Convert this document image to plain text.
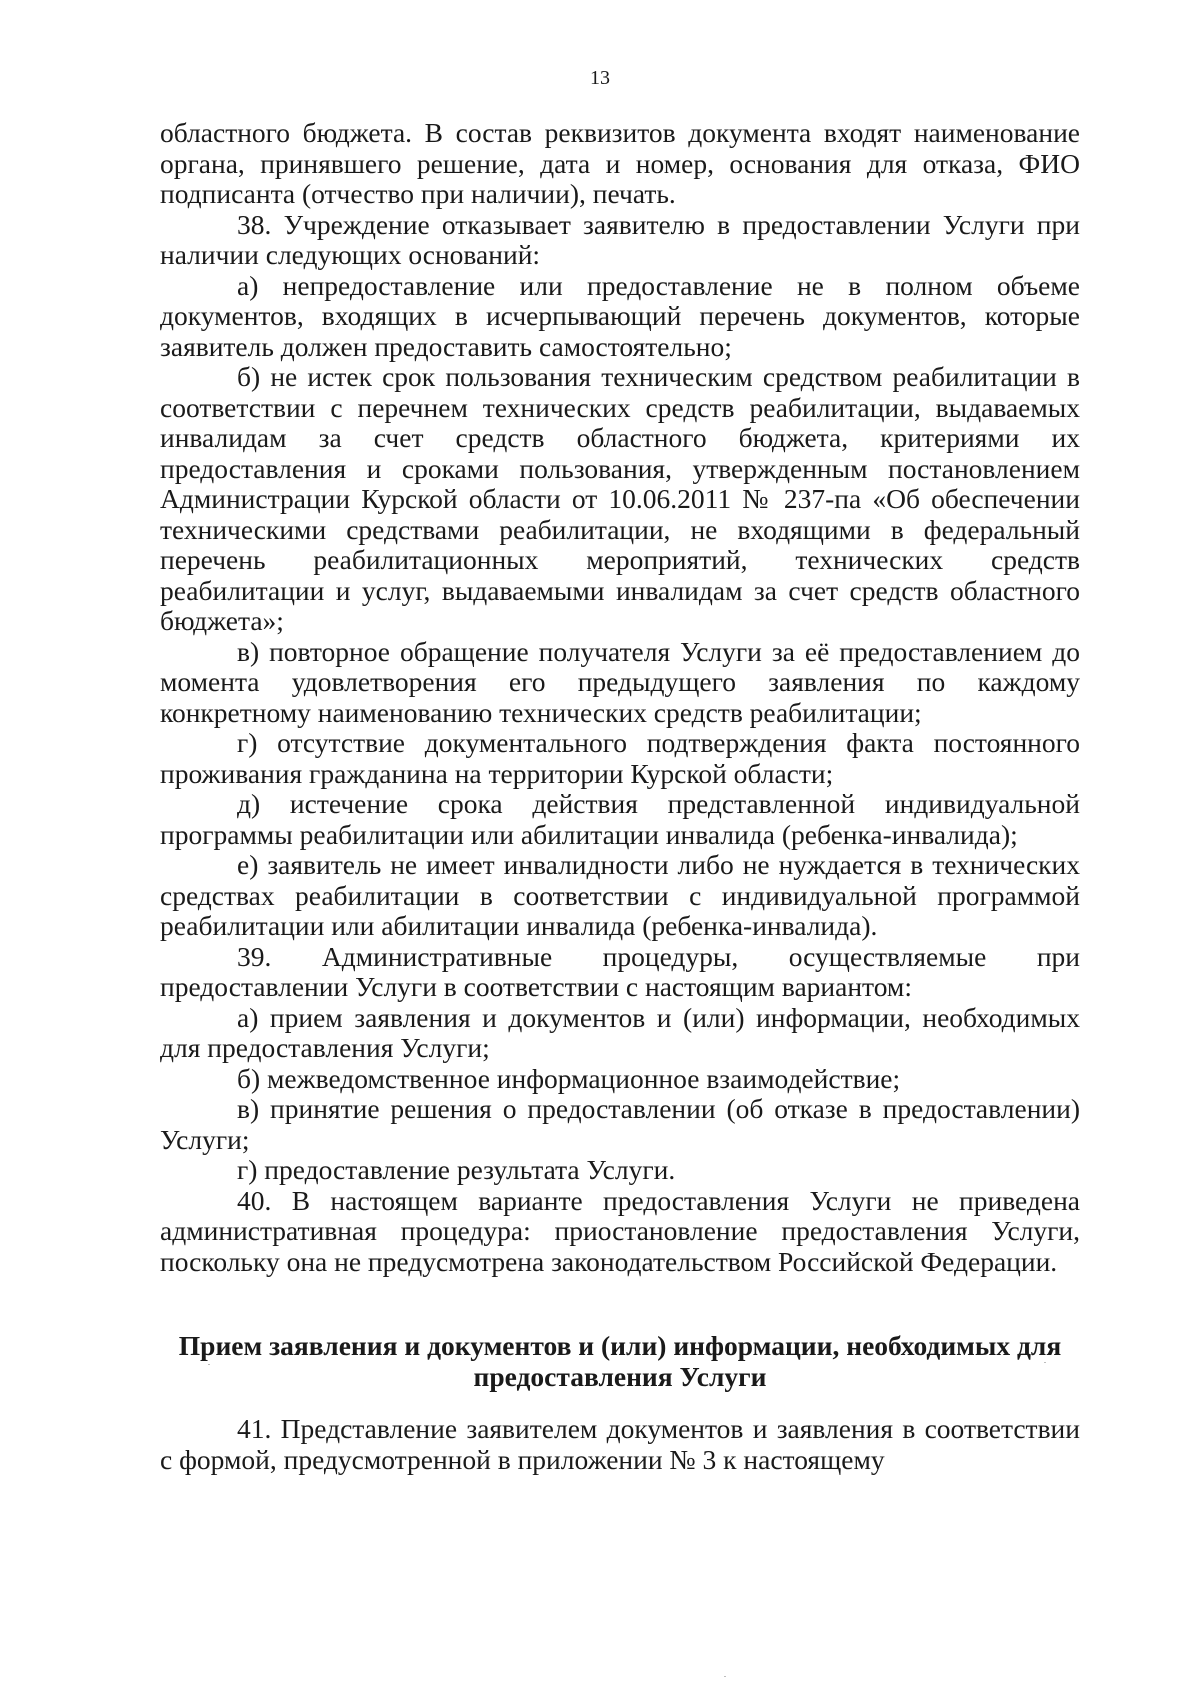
13

областного бюджета. В состав реквизитов документа входят наименование органа, принявшего решение, дата и номер, основания для отказа, ФИО подписанта (отчество при наличии), печать.

38. Учреждение отказывает заявителю в предоставлении Услуги при наличии следующих оснований:

а) непредоставление или предоставление не в полном объеме документов, входящих в исчерпывающий перечень документов, которые заявитель должен предоставить самостоятельно;

б) не истек срок пользования техническим средством реабилитации в соответствии с перечнем технических средств реабилитации, выдаваемых инвалидам за счет средств областного бюджета, критериями их предоставления и сроками пользования, утвержденным постановлением Администрации Курской области от 10.06.2011 № 237-па «Об обеспечении техническими средствами реабилитации, не входящими в федеральный перечень реабилитационных мероприятий, технических средств реабилитации и услуг, выдаваемыми инвалидам за счет средств областного бюджета»;

в) повторное обращение получателя Услуги за её предоставлением до момента удовлетворения его предыдущего заявления по каждому конкретному наименованию технических средств реабилитации;

г) отсутствие документального подтверждения факта постоянного проживания гражданина на территории Курской области;

д) истечение срока действия представленной индивидуальной программы реабилитации или абилитации инвалида (ребенка-инвалида);

е) заявитель не имеет инвалидности либо не нуждается в технических средствах реабилитации в соответствии с индивидуальной программой реабилитации или абилитации инвалида (ребенка-инвалида).

39. Административные процедуры, осуществляемые при предоставлении Услуги в соответствии с настоящим вариантом:

а) прием заявления и документов и (или) информации, необходимых для предоставления Услуги;

б) межведомственное информационное взаимодействие;

в) принятие решения о предоставлении (об отказе в предоставлении) Услуги;

г) предоставление результата Услуги.

40. В настоящем варианте предоставления Услуги не приведена административная процедура: приостановление предоставления Услуги, поскольку она не предусмотрена законодательством Российской Федерации.

Прием заявления и документов и (или) информации, необходимых для предоставления Услуги

41. Представление заявителем документов и заявления в соответствии с формой, предусмотренной в приложении № 3 к настоящему
